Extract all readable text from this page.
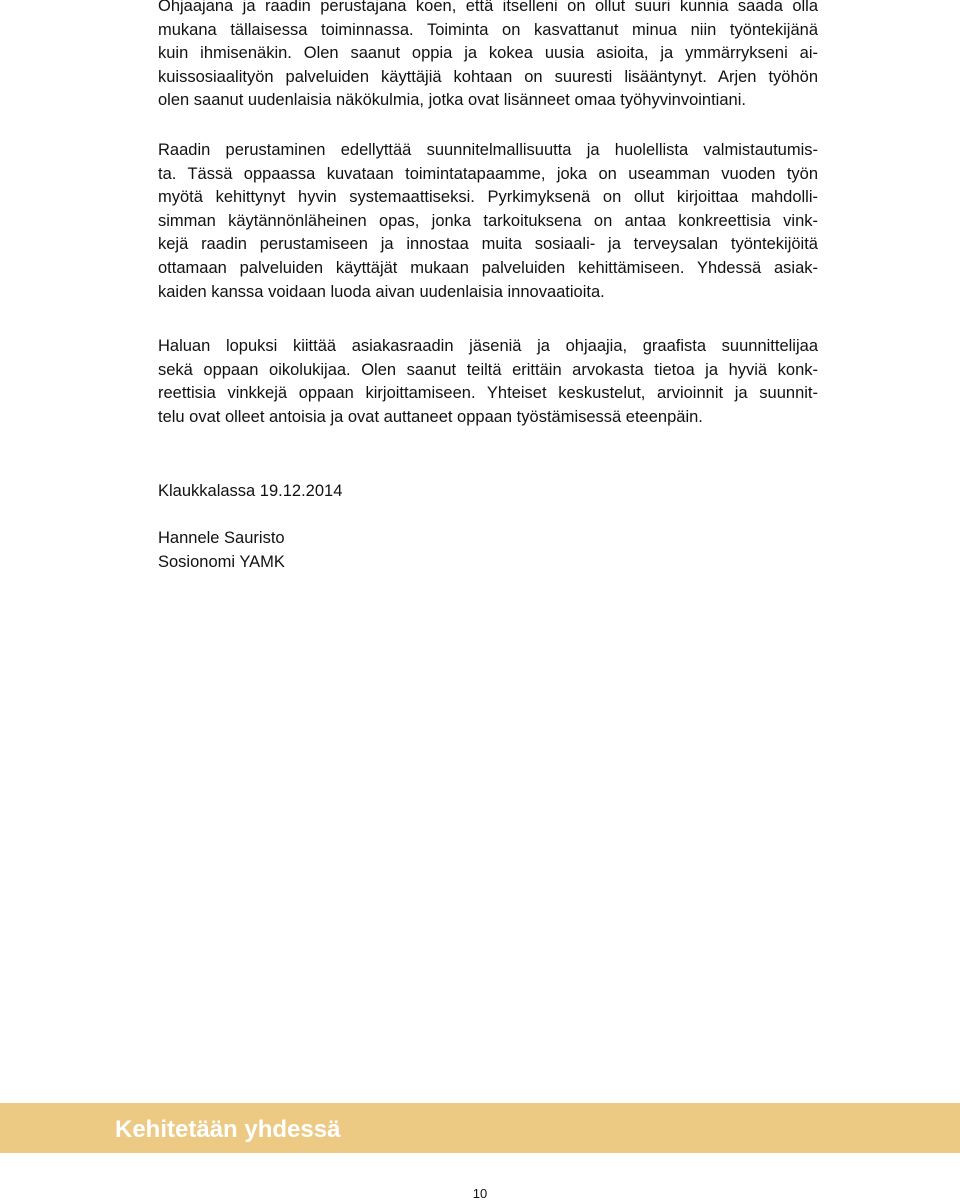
Ohjaajana ja raadin perustajana koen, että itselleni on ollut suuri kunnia saada olla
mukana tällaisessa toiminnassa. Toiminta on kasvattanut minua niin työntekijänä
kuin ihmisenäkin. Olen saanut oppia ja kokea uusia asioita, ja ymmärrykseni ai-
kuissosiaalityön palveluiden käyttäjiä kohtaan on suuresti lisääntynyt. Arjen työhön
olen saanut uudenlaisia näkökulmia, jotka ovat lisänneet omaa työhyvinvointiani.
Raadin perustaminen edellyttää suunnitelmallisuutta ja huolellista valmistautumis-
ta. Tässä oppaassa kuvataan toimintatapaamme, joka on useamman vuoden työn
myötä kehittynyt hyvin systemaattiseksi. Pyrkimyksenä on ollut kirjoittaa mahdolli-
simman käytännönläheinen opas, jonka tarkoituksena on antaa konkreettisia vink-
kejä raadin perustamiseen ja innostaa muita sosiaali- ja terveysalan työntekijöitä
ottamaan palveluiden käyttäjät mukaan palveluiden kehittämiseen. Yhdessä asiak-
kaiden kanssa voidaan luoda aivan uudenlaisia innovaatioita.
Haluan lopuksi kiittää asiakasraadin jäseniä ja ohjaajia, graafista suunnittelijaa
sekä oppaan oikolukijaa. Olen saanut teiltä erittäin arvokasta tietoa ja hyviä konk-
reettisia vinkkejä oppaan kirjoittamiseen. Yhteiset keskustelut, arvioinnit ja suunnit-
telu ovat olleet antoisia ja ovat auttaneet oppaan työstämisessä eteenpäin.
Klaukkalassa 19.12.2014
Hannele Sauristo
Sosionomi YAMK
Kehitetään yhdessä
10
